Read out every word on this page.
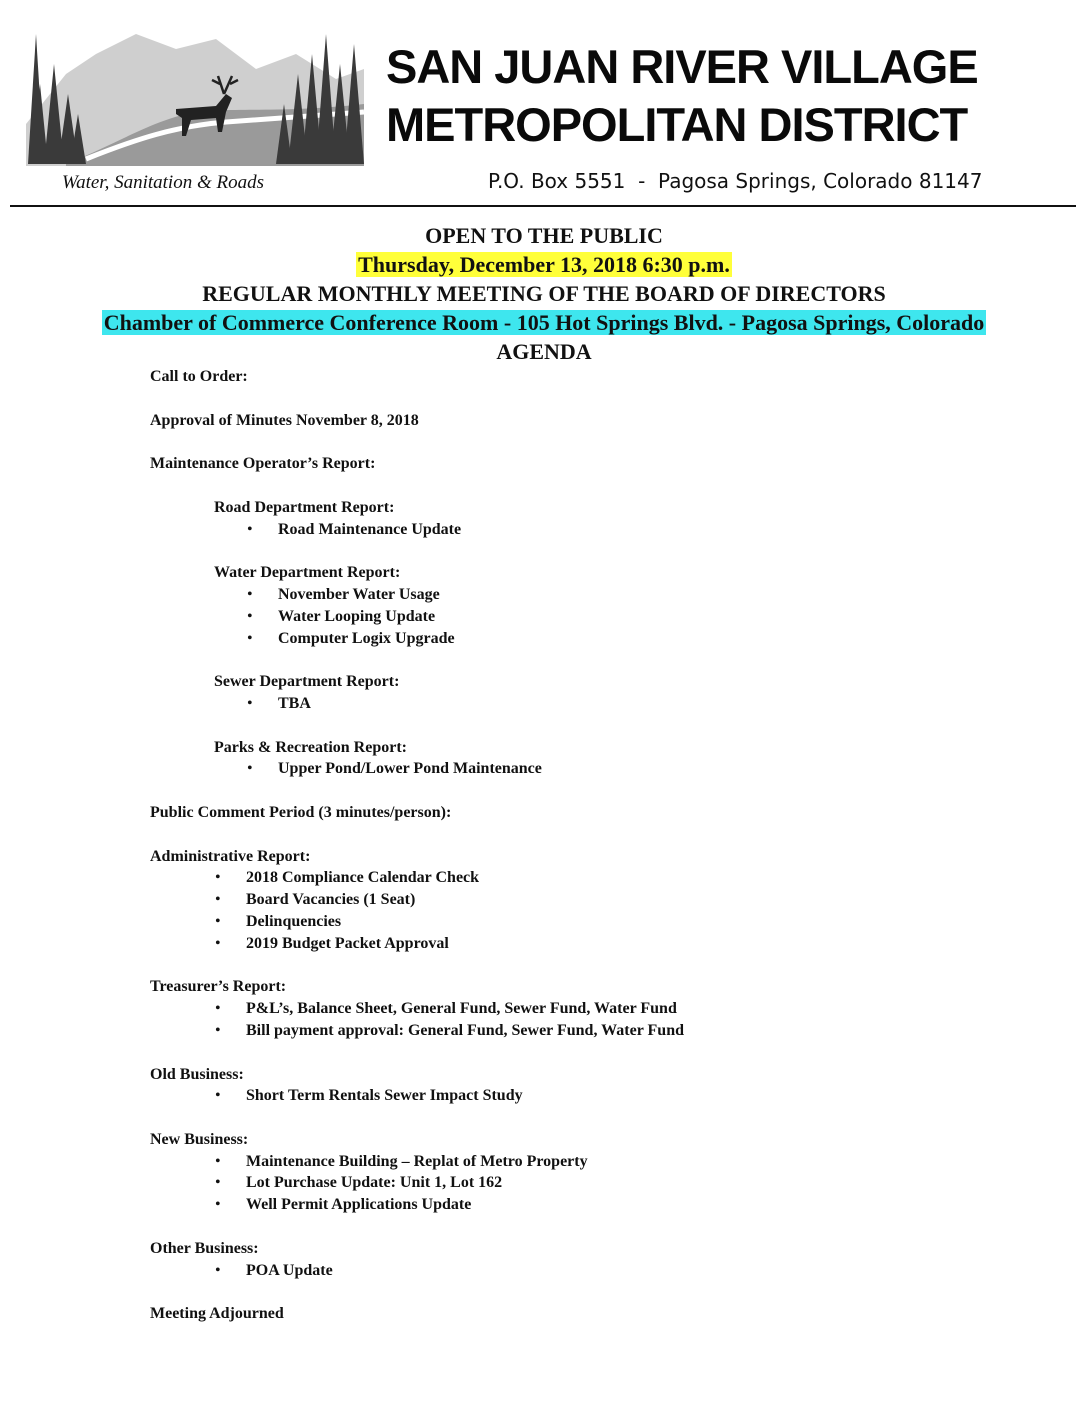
SAN JUAN RIVER VILLAGE
METROPOLITAN DISTRICT
Water, Sanitation & Roads	P.O. Box 5551  -  Pagosa Springs, Colorado 81147
OPEN TO THE PUBLIC
Thursday, December 13, 2018 6:30 p.m.
REGULAR MONTHLY MEETING OF THE BOARD OF DIRECTORS
Chamber of Commerce Conference Room - 105 Hot Springs Blvd. - Pagosa Springs, Colorado
AGENDA
Call to Order:
Approval of Minutes November 8, 2018
Maintenance Operator’s Report:
Road Department Report:
• Road Maintenance Update
Water Department Report:
• November Water Usage
• Water Looping Update
• Computer Logix Upgrade
Sewer Department Report:
• TBA
Parks & Recreation Report:
• Upper Pond/Lower Pond Maintenance
Public Comment Period (3 minutes/person):
Administrative Report:
• 2018 Compliance Calendar Check
• Board Vacancies (1 Seat)
• Delinquencies
• 2019 Budget Packet Approval
Treasurer’s Report:
• P&L’s, Balance Sheet, General Fund, Sewer Fund, Water Fund
• Bill payment approval: General Fund, Sewer Fund, Water Fund
Old Business:
• Short Term Rentals Sewer Impact Study
New Business:
• Maintenance Building – Replat of Metro Property
• Lot Purchase Update: Unit 1, Lot 162
• Well Permit Applications Update
Other Business:
• POA Update
Meeting Adjourned
